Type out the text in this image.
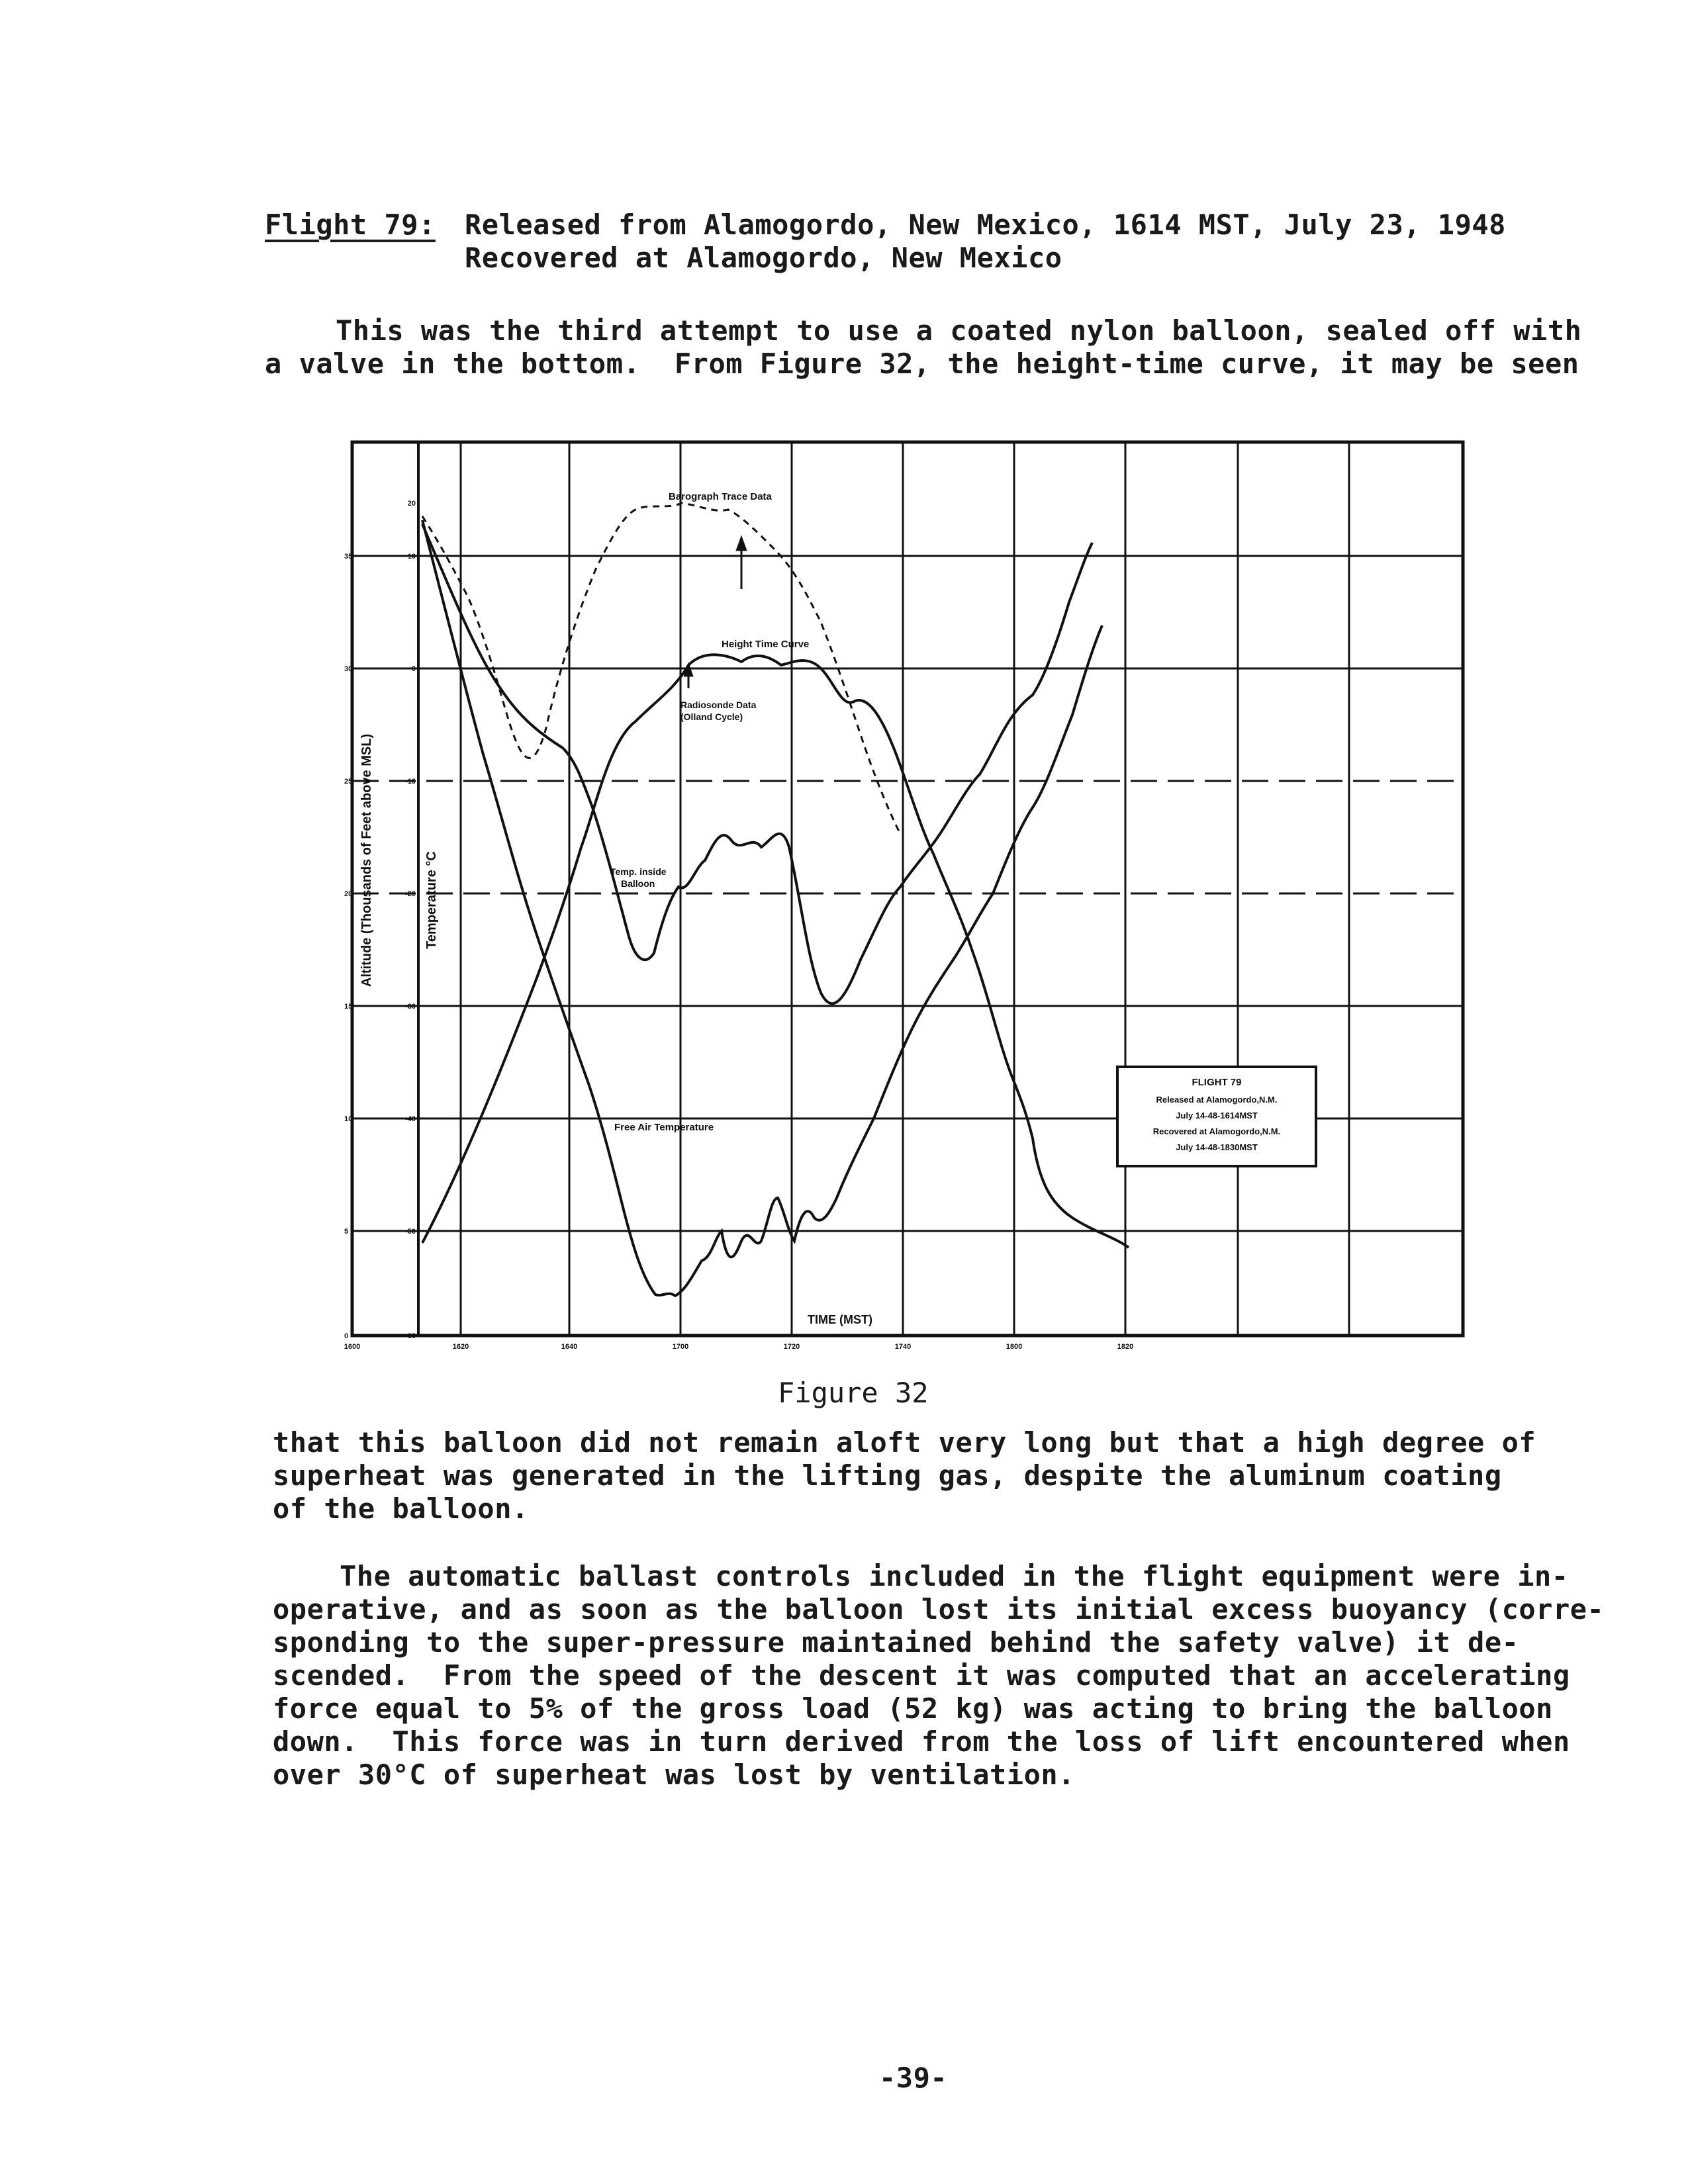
Flight 79: Released from Alamogordo, New Mexico, 1614 MST, July 23, 1948
Recovered at Alamogordo, New Mexico
This was the third attempt to use a coated nylon balloon, sealed off with
a valve in the bottom.  From Figure 32, the height-time curve, it may be seen
Altitude (Thousands of Feet above MSL)	Temperature °C
Barograph Trace Data
Height Time Curve
Radiosonde Data
(Olland Cycle)
Temp. inside
Balloon
Free Air Temperature
TIME (MST)
FLIGHT 79
Released at Alamogordo,N.M.
July 14-48-1614MST
Recovered at Alamogordo,N.M.
July 14-48-1830MST
1600	1620	1640	1700	1720	1740	1800	1820
0
5
10
15
20
25
30
35
-60
-50
-40
-30
-20
-10
0
10
20
Figure 32
that this balloon did not remain aloft very long but that a high degree of
superheat was generated in the lifting gas, despite the aluminum coating
of the balloon.
The automatic ballast controls included in the flight equipment were in-
operative, and as soon as the balloon lost its initial excess buoyancy (corre-
sponding to the super-pressure maintained behind the safety valve) it de-
scended.  From the speed of the descent it was computed that an accelerating
force equal to 5% of the gross load (52 kg) was acting to bring the balloon
down.  This force was in turn derived from the loss of lift encountered when
over 30°C of superheat was lost by ventilation.
-39-
